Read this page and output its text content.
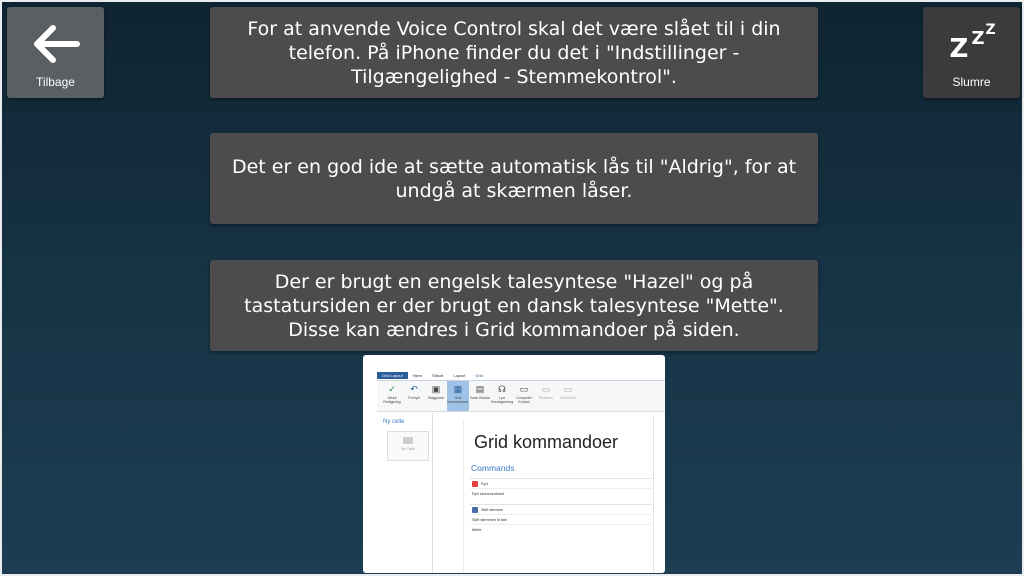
Tilbage
Z Z Z
Slumre
For at anvende Voice Control skal det være slået til i din telefon. På iPhone finder du det i "Indstillinger - Tilgængelighed - Stemmekontrol".
Det er en god ide at sætte automatisk lås til "Aldrig", for at undgå at skærmen låser.
Der er brugt en engelsk talesyntese "Hazel" og på tastatursiden er der brugt en dansk talesyntese "Mette". Disse kan ændres i Grid kommandoer på siden.
Grid Layout	Hjem	Stikort	Layout	Grid
✓
Afslut Redigering
↶
Fortryd
▣
Baggrund
▦
Grid kommandoer
▤
Scan Blocks
☊
Lyd Kendsgerning
▭
Computer Kontrol
▭
Realtime
▭
Dwelltime
Ny celle
Ny Celle	Grid kommandoer
Commands
Ryd
Ryd skrivevindueet
Skift stemme
Skift stemmen til tale
Mette
